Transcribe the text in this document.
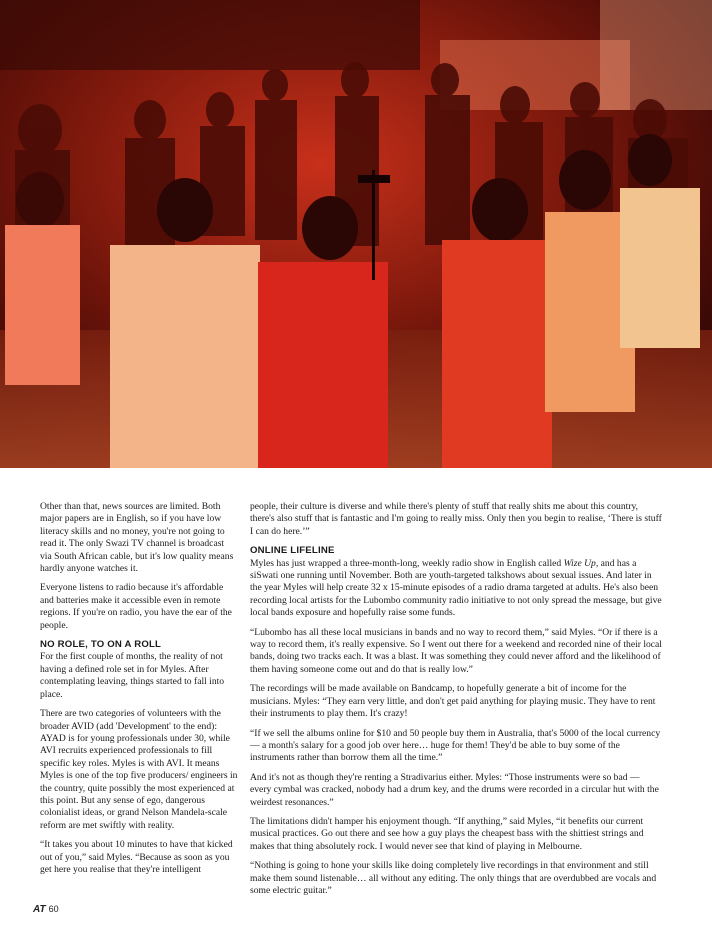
Other than that, news sources are limited. Both major papers are in English, so if you have low literacy skills and no money, you're not going to read it. The only Swazi TV channel is broadcast via South African cable, but it's low quality means hardly anyone watches it.

Everyone listens to radio because it's affordable and batteries make it accessible even in remote regions. If you're on radio, you have the ear of the people.

NO ROLE, TO ON A ROLL

For the first couple of months, the reality of not having a defined role set in for Myles. After contemplating leaving, things started to fall into place.

There are two categories of volunteers with the broader AVID (add 'Development' to the end): AYAD is for young professionals under 30, while AVI recruits experienced professionals to fill specific key roles. Myles is with AVI. It means Myles is one of the top five producers/ engineers in the country, quite possibly the most experienced at this point. But any sense of ego, dangerous colonialist ideas, or grand Nelson Mandela-scale reform are met swiftly with reality.

“It takes you about 10 minutes to have that kicked out of you,” said Myles. “Because as soon as you get here you realise that they're intelligent

people, their culture is diverse and while there's plenty of stuff that really shits me about this country, there's also stuff that is fantastic and I'm going to really miss. Only then you begin to realise, ‘There is stuff I can do here.’”

ONLINE LIFELINE

Myles has just wrapped a three-month-long, weekly radio show in English called Wize Up, and has a siSwati one running until November. Both are youth-targeted talkshows about sexual issues. And later in the year Myles will help create 32 x 15-minute episodes of a radio drama targeted at adults. He's also been recording local artists for the Lubombo community radio initiative to not only spread the message, but give local bands exposure and hopefully raise some funds.

“Lubombo has all these local musicians in bands and no way to record them,” said Myles. “Or if there is a way to record them, it's really expensive. So I went out there for a weekend and recorded nine of their local bands, doing two tracks each. It was a blast. It was something they could never afford and the likelihood of them having someone come out and do that is really low.”

The recordings will be made available on Bandcamp, to hopefully generate a bit of income for the musicians. Myles: “They earn very little, and don't get paid anything for playing music. They have to rent their instruments to play them. It's crazy!

“If we sell the albums online for $10 and 50 people buy them in Australia, that's 5000 of the local currency — a month's salary for a good job over here… huge for them! They'd be able to buy some of the instruments rather than borrow them all the time.”

And it's not as though they're renting a Stradivarius either. Myles: “Those instruments were so bad — every cymbal was cracked, nobody had a drum key, and the drums were recorded in a circular hut with the weirdest resonances.”

The limitations didn't hamper his enjoyment though. “If anything,” said Myles, “it benefits our current musical practices. Go out there and see how a guy plays the cheapest bass with the shittiest strings and makes that thing absolutely rock. I would never see that kind of playing in Melbourne.

“Nothing is going to hone your skills like doing completely live recordings in that environment and still make them sound listenable… all without any editing. The only things that are overdubbed are vocals and some electric guitar.”

AT 60
